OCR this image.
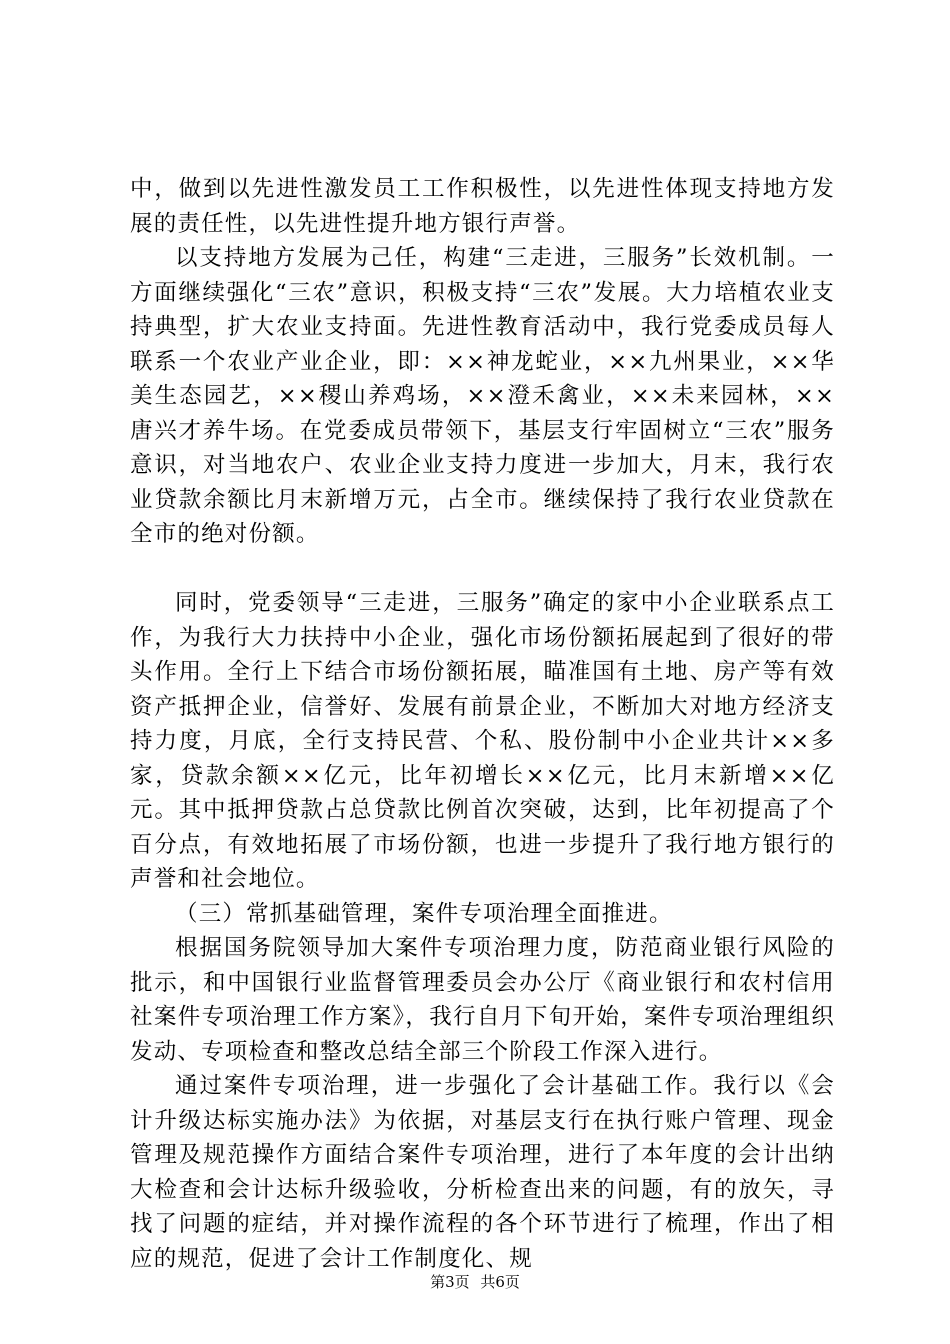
中，做到以先进性激发员工工作积极性，以先进性体现支持地方发展的责任性，以先进性提升地方银行声誉。

以支持地方发展为己任，构建“三走进，三服务”长效机制。一方面继续强化“三农”意识，积极支持“三农”发展。大力培植农业支持典型，扩大农业支持面。先进性教育活动中，我行党委成员每人联系一个农业产业企业，即：××神龙蛇业，××九州果业，××华美生态园艺，××稷山养鸡场，××澄禾禽业，××未来园林，××唐兴才养牛场。在党委成员带领下，基层支行牢固树立“三农”服务意识，对当地农户、农业企业支持力度进一步加大，月末，我行农业贷款余额比月末新增万元，占全市。继续保持了我行农业贷款在全市的绝对份额。

同时，党委领导“三走进，三服务”确定的家中小企业联系点工作，为我行大力扶持中小企业，强化市场份额拓展起到了很好的带头作用。全行上下结合市场份额拓展，瞄准国有土地、房产等有效资产抵押企业，信誉好、发展有前景企业，不断加大对地方经济支持力度，月底，全行支持民营、个私、股份制中小企业共计××多家，贷款余额××亿元，比年初增长××亿元，比月末新增××亿元。其中抵押贷款占总贷款比例首次突破，达到，比年初提高了个百分点，有效地拓展了市场份额，也进一步提升了我行地方银行的声誉和社会地位。

（三）常抓基础管理，案件专项治理全面推进。

根据国务院领导加大案件专项治理力度，防范商业银行风险的批示，和中国银行业监督管理委员会办公厅《商业银行和农村信用社案件专项治理工作方案》，我行自月下旬开始，案件专项治理组织发动、专项检查和整改总结全部三个阶段工作深入进行。

通过案件专项治理，进一步强化了会计基础工作。我行以《会计升级达标实施办法》为依据，对基层支行在执行账户管理、现金管理及规范操作方面结合案件专项治理，进行了本年度的会计出纳大检查和会计达标升级验收，分析检查出来的问题，有的放矢，寻找了问题的症结，并对操作流程的各个环节进行了梳理，作出了相应的规范，促进了会计工作制度化、规

第3页 共6页
